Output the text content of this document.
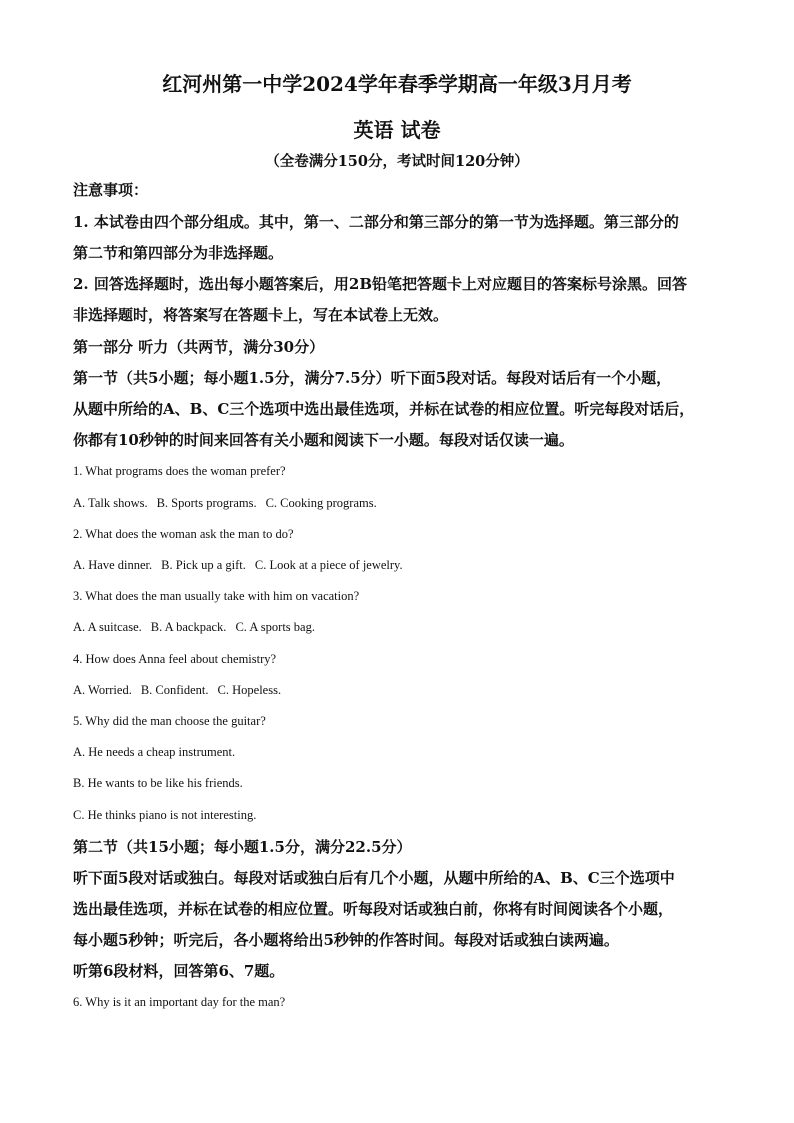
红河州第一中学2024学年春季学期高一年级3月月考
英语 试卷
（全卷满分150分，考试时间120分钟）
注意事项：
1. 本试卷由四个部分组成。其中，第一、二部分和第三部分的第一节为选择题。第三部分的
第二节和第四部分为非选择题。
2. 回答选择题时，选出每小题答案后，用2B铅笔把答题卡上对应题目的答案标号涂黑。回答
非选择题时，将答案写在答题卡上，写在本试卷上无效。
第一部分 听力（共两节，满分30分）
第一节（共5小题；每小题1.5分，满分7.5分）听下面5段对话。每段对话后有一个小题，
从题中所给的A、B、C三个选项中选出最佳选项，并标在试卷的相应位置。听完每段对话后，
你都有10秒钟的时间来回答有关小题和阅读下一小题。每段对话仅读一遍。
1. What programs does the woman prefer?
A. Talk shows. B. Sports programs. C. Cooking programs.
2. What does the woman ask the man to do?
A. Have dinner. B. Pick up a gift. C. Look at a piece of jewelry.
3. What does the man usually take with him on vacation?
A. A suitcase. B. A backpack. C. A sports bag.
4. How does Anna feel about chemistry?
A. Worried. B. Confident. C. Hopeless.
5. Why did the man choose the guitar?
A. He needs a cheap instrument.
B. He wants to be like his friends.
C. He thinks piano is not interesting.
第二节（共15小题；每小题1.5分，满分22.5分）
听下面5段对话或独白。每段对话或独白后有几个小题，从题中所给的A、B、C三个选项中
选出最佳选项，并标在试卷的相应位置。听每段对话或独白前，你将有时间阅读各个小题，
每小题5秒钟；听完后，各小题将给出5秒钟的作答时间。每段对话或独白读两遍。
听第6段材料，回答第6、7题。
6. Why is it an important day for the man?
